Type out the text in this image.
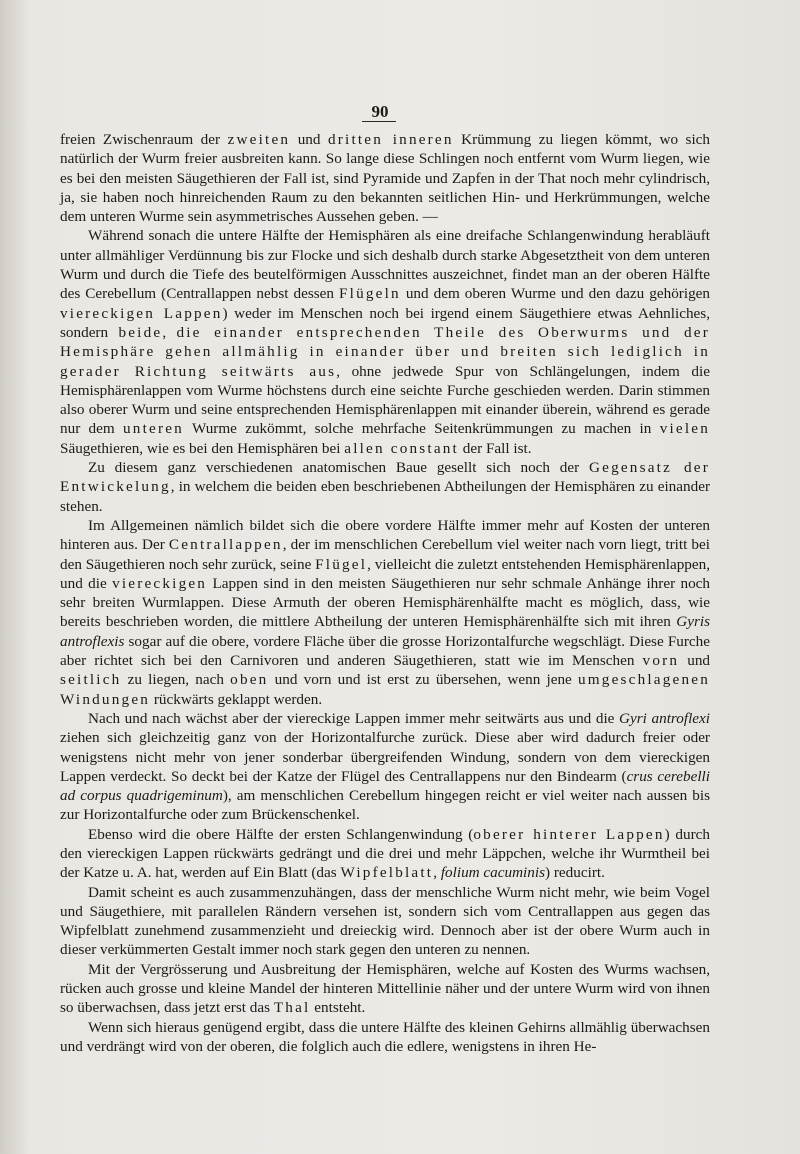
90

freien Zwischenraum der zweiten und dritten inneren Krümmung zu liegen kömmt, wo sich natürlich der Wurm freier ausbreiten kann. So lange diese Schlingen noch entfernt vom Wurm liegen, wie es bei den meisten Säugethieren der Fall ist, sind Pyramide und Zapfen in der That noch mehr cylindrisch, ja, sie haben noch hinreichenden Raum zu den bekannten seitlichen Hin- und Herkrümmungen, welche dem unteren Wurme sein asymmetrisches Aussehen geben. —

Während sonach die untere Hälfte der Hemisphären als eine dreifache Schlangenwindung herabläuft unter allmähliger Verdünnung bis zur Flocke und sich deshalb durch starke Abgesetztheit von dem unteren Wurm und durch die Tiefe des beutelförmigen Ausschnittes auszeichnet, findet man an der oberen Hälfte des Cerebellum (Centrallappen nebst dessen Flügeln und dem oberen Wurme und den dazu gehörigen viereckigen Lappen) weder im Menschen noch bei irgend einem Säugethiere etwas Aehnliches, sondern beide, die einander entsprechenden Theile des Oberwurms und der Hemisphäre gehen allmählig in einander über und breiten sich lediglich in gerader Richtung seitwärts aus, ohne jedwede Spur von Schlängelungen, indem die Hemisphärenlappen vom Wurme höchstens durch eine seichte Furche geschieden werden. Darin stimmen also oberer Wurm und seine entsprechenden Hemisphärenlappen mit einander überein, während es gerade nur dem unteren Wurme zukömmt, solche mehrfache Seitenkrümmungen zu machen in vielen Säugethieren, wie es bei den Hemisphären bei allen constant der Fall ist.

Zu diesem ganz verschiedenen anatomischen Baue gesellt sich noch der Gegensatz der Entwickelung, in welchem die beiden eben beschriebenen Abtheilungen der Hemisphären zu einander stehen.

Im Allgemeinen nämlich bildet sich die obere vordere Hälfte immer mehr auf Kosten der unteren hinteren aus. Der Centrallappen, der im menschlichen Cerebellum viel weiter nach vorn liegt, tritt bei den Säugethieren noch sehr zurück, seine Flügel, vielleicht die zuletzt entstehenden Hemisphärenlappen, und die viereckigen Lappen sind in den meisten Säugethieren nur sehr schmale Anhänge ihrer noch sehr breiten Wurmlappen. Diese Armuth der oberen Hemisphärenhälfte macht es möglich, dass, wie bereits beschrieben worden, die mittlere Abtheilung der unteren Hemisphärenhälfte sich mit ihren Gyris antroflexis sogar auf die obere, vordere Fläche über die grosse Horizontalfurche wegschlägt. Diese Furche aber richtet sich bei den Carnivoren und anderen Säugethieren, statt wie im Menschen vorn und seitlich zu liegen, nach oben und vorn und ist erst zu übersehen, wenn jene umgeschlagenen Windungen rückwärts geklappt werden.

Nach und nach wächst aber der viereckige Lappen immer mehr seitwärts aus und die Gyri antroflexi ziehen sich gleichzeitig ganz von der Horizontalfurche zurück. Diese aber wird dadurch freier oder wenigstens nicht mehr von jener sonderbar übergreifenden Windung, sondern von dem viereckigen Lappen verdeckt. So deckt bei der Katze der Flügel des Centrallappens nur den Bindearm (crus cerebelli ad corpus quadrigeminum), am menschlichen Cerebellum hingegen reicht er viel weiter nach aussen bis zur Horizontalfurche oder zum Brückenschenkel.

Ebenso wird die obere Hälfte der ersten Schlangenwindung (oberer hinterer Lappen) durch den viereckigen Lappen rückwärts gedrängt und die drei und mehr Läppchen, welche ihr Wurmtheil bei der Katze u. A. hat, werden auf Ein Blatt (das Wipfelblatt, folium cacuminis) reducirt.

Damit scheint es auch zusammenzuhängen, dass der menschliche Wurm nicht mehr, wie beim Vogel und Säugethiere, mit parallelen Rändern versehen ist, sondern sich vom Centrallappen aus gegen das Wipfelblatt zunehmend zusammenzieht und dreieckig wird. Dennoch aber ist der obere Wurm auch in dieser verkümmerten Gestalt immer noch stark gegen den unteren zu nennen.

Mit der Vergrösserung und Ausbreitung der Hemisphären, welche auf Kosten des Wurms wachsen, rücken auch grosse und kleine Mandel der hinteren Mittellinie näher und der untere Wurm wird von ihnen so überwachsen, dass jetzt erst das Thal entsteht.

Wenn sich hieraus genügend ergibt, dass die untere Hälfte des kleinen Gehirns allmählig überwachsen und verdrängt wird von der oberen, die folglich auch die edlere, wenigstens in ihren He-
